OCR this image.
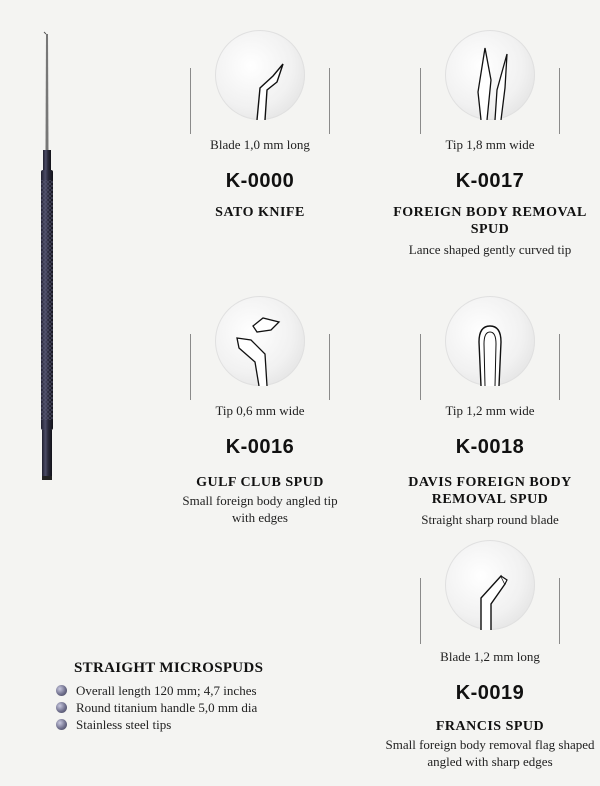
Blade 1,0 mm long
K-0000
SATO KNIFE
Tip 1,8 mm wide
K-0017
FOREIGN BODY REMOVAL SPUD
Lance shaped gently curved tip
Tip 0,6 mm wide
K-0016
GULF CLUB SPUD
Small foreign body angled tip with edges
Tip 1,2 mm wide
K-0018
DAVIS FOREIGN BODY REMOVAL SPUD
Straight sharp round blade
Blade 1,2 mm long
K-0019
FRANCIS SPUD
Small foreign body removal flag shaped angled with sharp edges
STRAIGHT MICROSPUDS
Overall length 120 mm; 4,7 inches
Round titanium handle 5,0 mm dia
Stainless steel tips
